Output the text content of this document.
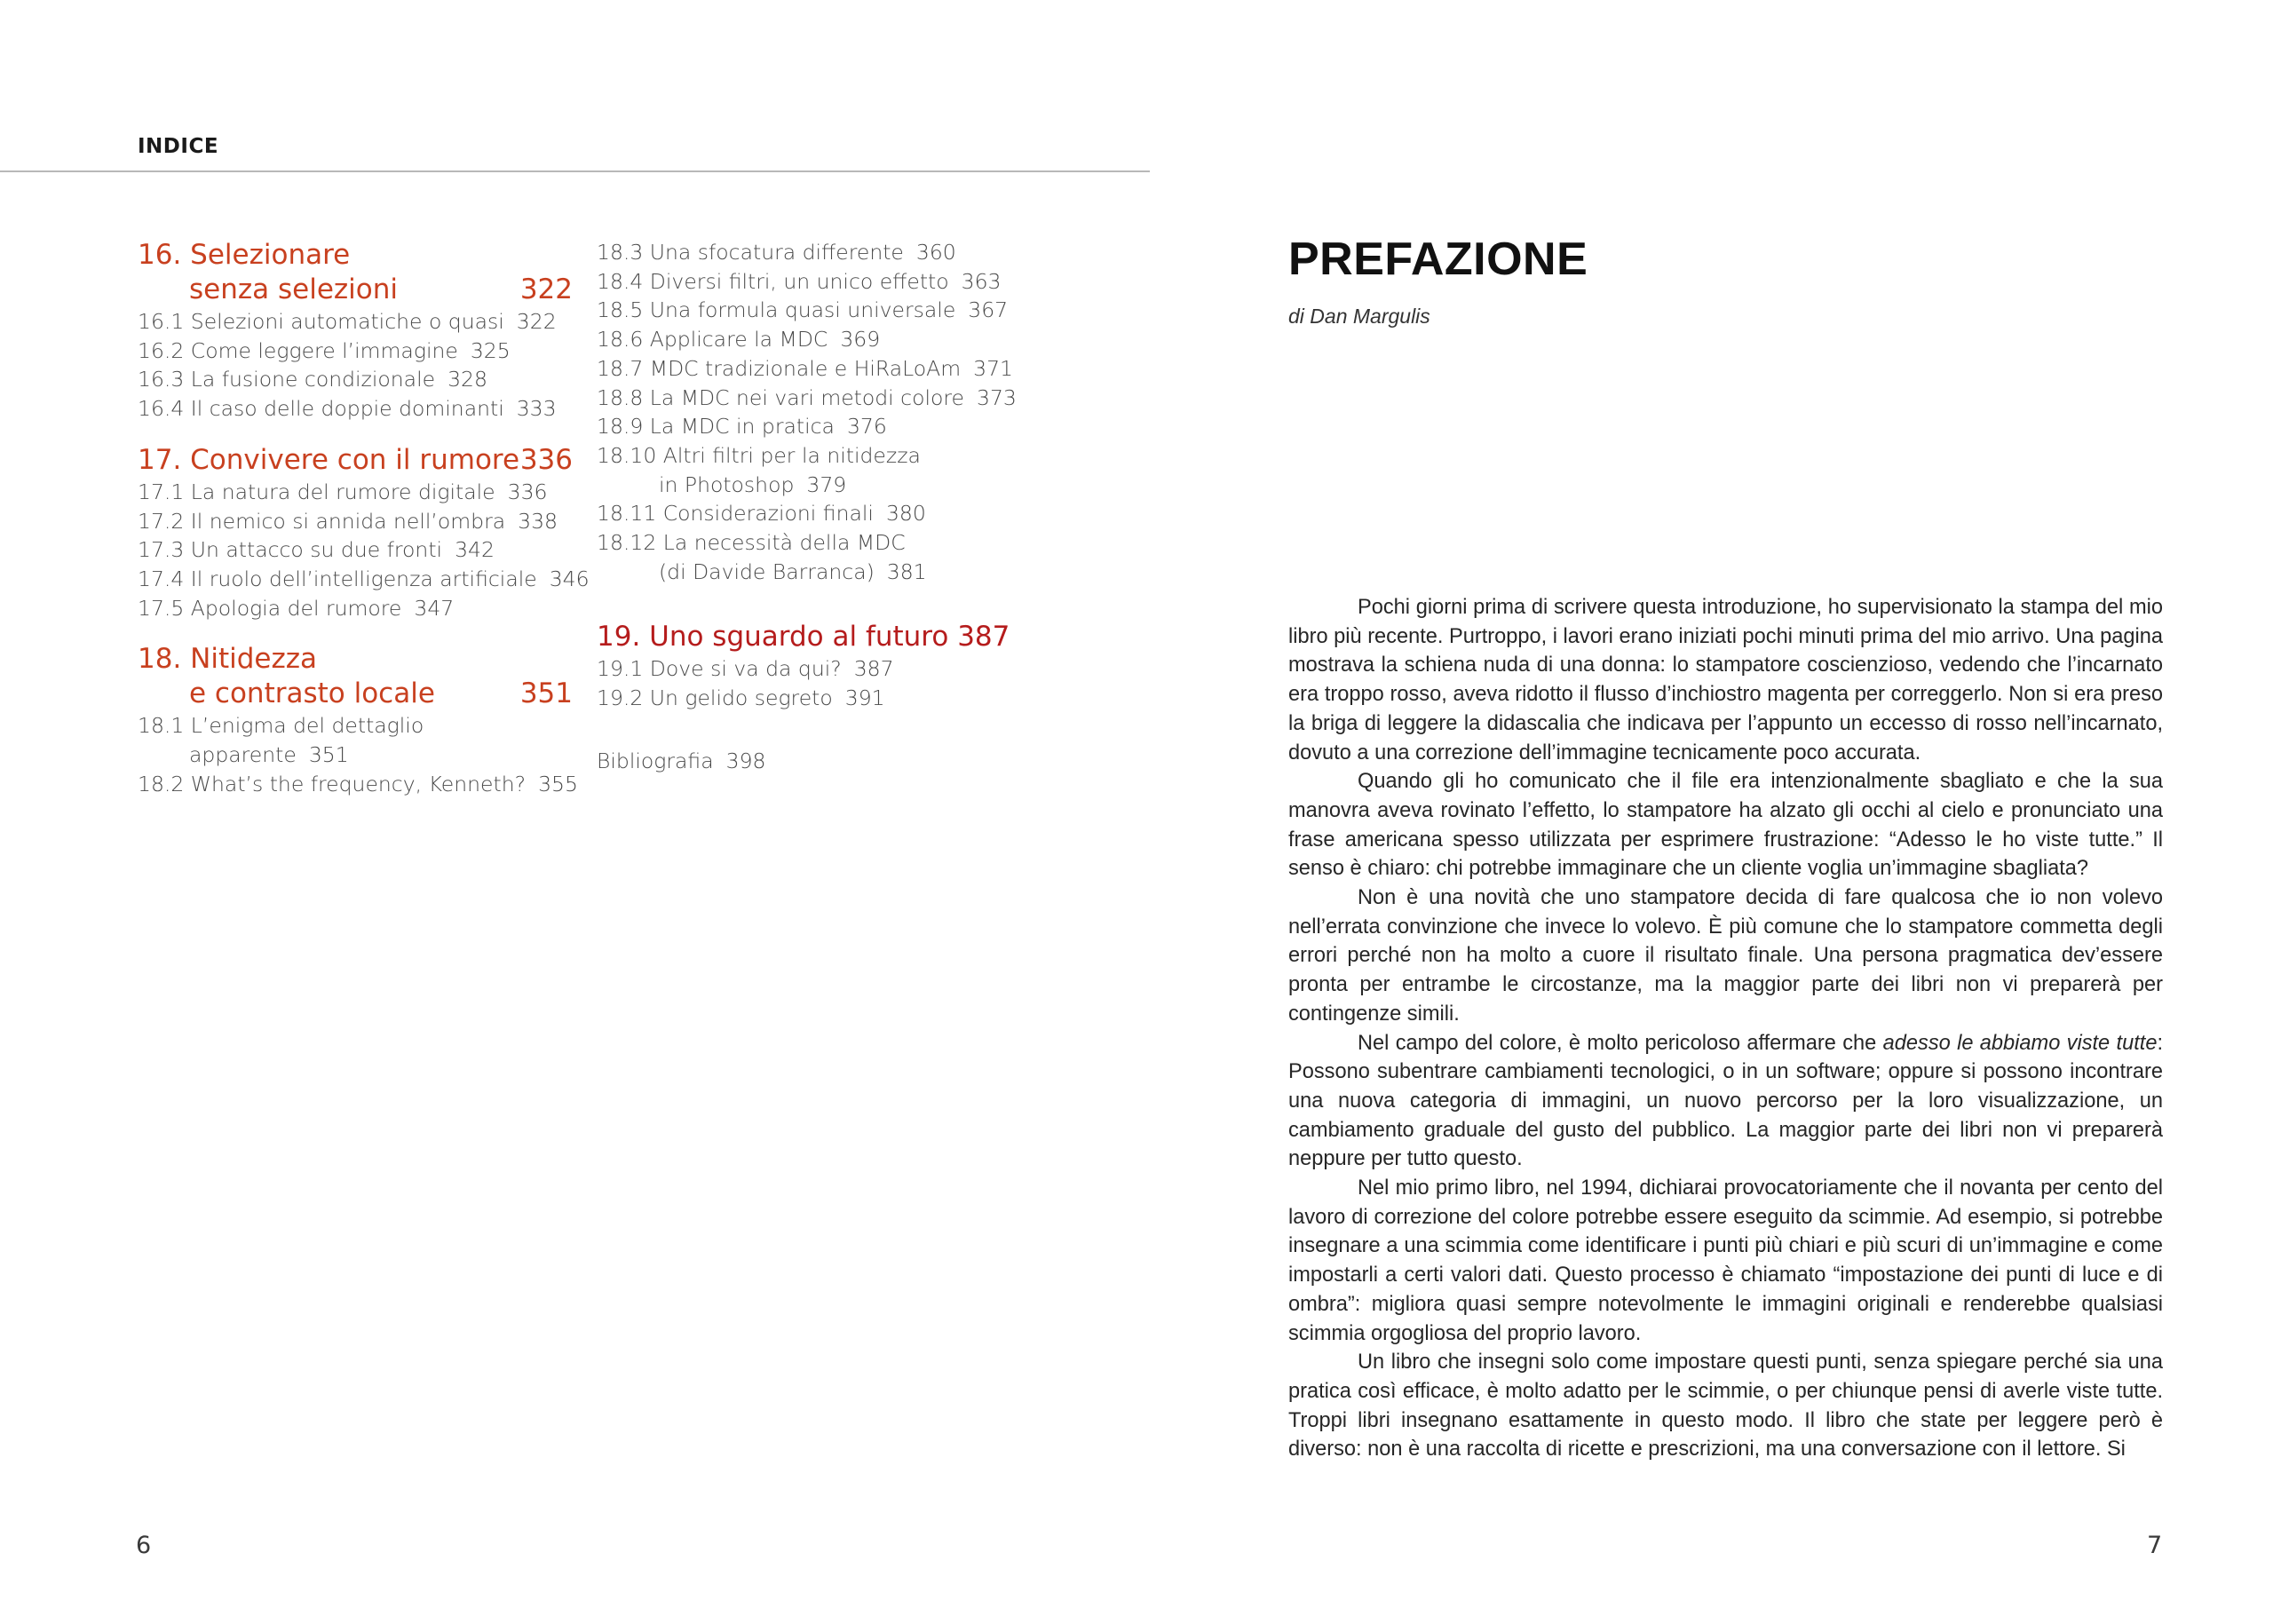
INDICE
16. Selezionare
senza selezioni	322
16.1 Selezioni automatiche o quasi 322
16.2 Come leggere l’immagine 325
16.3 La fusione condizionale 328
16.4 Il caso delle doppie dominanti 333
17. Convivere con il rumore 336
17.1 La natura del rumore digitale 336
17.2 Il nemico si annida nell’ombra 338
17.3 Un attacco su due fronti 342
17.4 Il ruolo dell’intelligenza artificiale 346
17.5 Apologia del rumore 347
18. Nitidezza
e contrasto locale	351
18.1 L’enigma del dettaglio
apparente 351
18.2 What’s the frequency, Kenneth? 355
18.3 Una sfocatura differente 360
18.4 Diversi filtri, un unico effetto 363
18.5 Una formula quasi universale 367
18.6 Applicare la MDC 369
18.7 MDC tradizionale e HiRaLoAm 371
18.8 La MDC nei vari metodi colore 373
18.9 La MDC in pratica 376
18.10 Altri filtri per la nitidezza
in Photoshop 379
18.11 Considerazioni finali 380
18.12 La necessità della MDC
(di Davide Barranca) 381
19. Uno sguardo al futuro 387
19.1 Dove si va da qui? 387
19.2 Un gelido segreto 391
Bibliografia 398
6
PREFAZIONE
di Dan Margulis

Pochi giorni prima di scrivere questa introduzione, ho supervisionato la stampa del mio libro più recente. Purtroppo, i lavori erano iniziati pochi minuti prima del mio arrivo. Una pagina mostrava la schiena nuda di una donna: lo stampatore coscienzioso, vedendo che l’incarnato era troppo rosso, aveva ridotto il flusso d’inchiostro magenta per correggerlo. Non si era preso la briga di leggere la didascalia che indicava per l’appunto un eccesso di rosso nell’incarnato, dovuto a una correzione dell’immagine tecnicamente poco accurata.

Quando gli ho comunicato che il file era intenzionalmente sbagliato e che la sua manovra aveva rovinato l’effetto, lo stampatore ha alzato gli occhi al cielo e pronunciato una frase americana spesso utilizzata per esprimere frustrazione: “Adesso le ho viste tutte.” Il senso è chiaro: chi potrebbe immaginare che un cliente voglia un’immagine sbagliata?

Non è una novità che uno stampatore decida di fare qualcosa che io non volevo nell’errata convinzione che invece lo volevo. È più comune che lo stampatore commetta degli errori perché non ha molto a cuore il risultato finale. Una persona pragmatica dev’essere pronta per entrambe le circostanze, ma la maggior parte dei libri non vi preparerà per contingenze simili.

Nel campo del colore, è molto pericoloso affermare che adesso le abbiamo viste tutte: Possono subentrare cambiamenti tecnologici, o in un software; oppure si possono incontrare una nuova categoria di immagini, un nuovo percorso per la loro visualizzazione, un cambiamento graduale del gusto del pubblico. La maggior parte dei libri non vi preparerà neppure per tutto questo.

Nel mio primo libro, nel 1994, dichiarai provocatoriamente che il novanta per cento del lavoro di correzione del colore potrebbe essere eseguito da scimmie. Ad esempio, si potrebbe insegnare a una scimmia come identificare i punti più chiari e più scuri di un’immagine e come impostarli a certi valori dati. Questo processo è chiamato “impostazione dei punti di luce e di ombra”: migliora quasi sempre notevolmente le immagini originali e renderebbe qualsiasi scimmia orgogliosa del proprio lavoro.

Un libro che insegni solo come impostare questi punti, senza spiegare perché sia una pratica così efficace, è molto adatto per le scimmie, o per chiunque pensi di averle viste tutte. Troppi libri insegnano esattamente in questo modo. Il libro che state per leggere però è diverso: non è una raccolta di ricette e prescrizioni, ma una conversazione con il lettore. Si

7
